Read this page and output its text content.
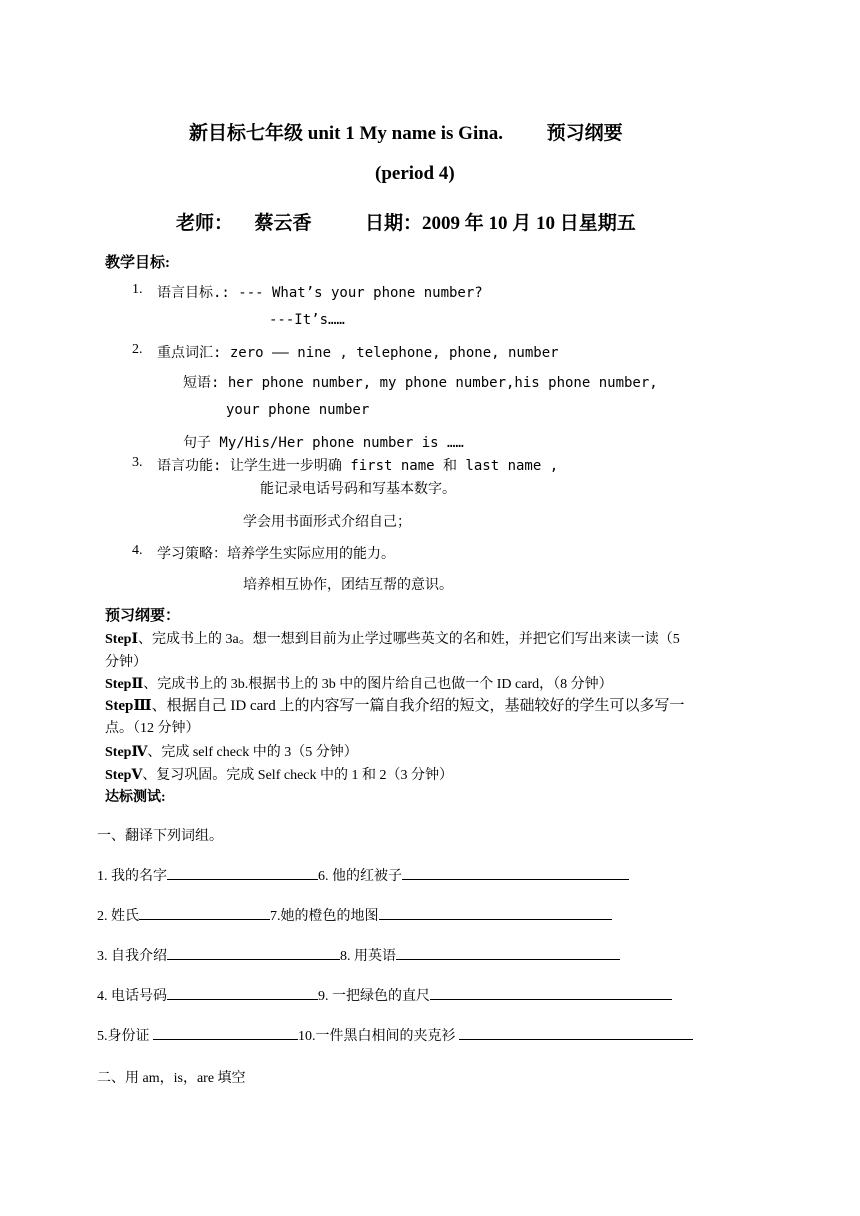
新目标七年级 unit 1 My name is Gina. 预习纲要
(period 4)
老师： 蔡云香	日期：2009 年 10 月 10 日星期五
教学目标:
1. 语言目标.: --- What’s your phone number?
---It’s……
2. 重点词汇: zero —— nine , telephone, phone, number
短语: her phone number, my phone number,his phone number,
your phone number
句子 My/His/Her phone number is ……
3. 语言功能: 让学生进一步明确 first name 和 last name ,
能记录电话号码和写基本数字。
学会用书面形式介绍自己；
4. 学习策略：培养学生实际应用的能力。
培养相互协作，团结互帮的意识。
预习纲要：
StepⅠ、完成书上的 3a。想一想到目前为止学过哪些英文的名和姓，并把它们写出来读一读（5
分钟）
StepⅡ、完成书上的 3b.根据书上的 3b 中的图片给自己也做一个 ID card，（8 分钟）
StepⅢ、根据自己 ID card 上的内容写一篇自我介绍的短文，基础较好的学生可以多写一
点。（12 分钟）
StepⅣ、完成 self check 中的 3（5 分钟）
StepⅤ、复习巩固。完成 Self check 中的 1 和 2（3 分钟）
达标测试:
一、翻译下列词组。
1. 我的名字	6. 他的红被子
2. 姓氏	7.她的橙色的地图
3. 自我介绍	8. 用英语
4. 电话号码	9. 一把绿色的直尺
5.身份证	10.一件黑白相间的夹克衫
二、用 am，is，are 填空
